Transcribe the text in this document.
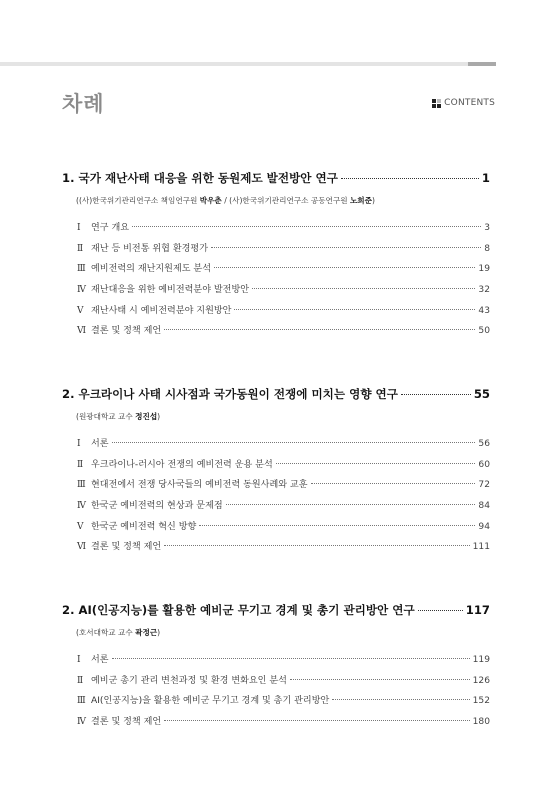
차례	CONTENTS
1. 국가 재난사태 대응을 위한 동원제도 발전방안 연구	1
((사)한국위기관리연구소 책임연구원 박우춘 / (사)한국위기관리연구소 공동연구원 노희준)
Ⅰ	연구 개요	3
Ⅱ 재난 등 비전통 위협 환경평가	8
Ⅲ 예비전력의 재난지원제도 분석	19
Ⅳ 재난대응을 위한 예비전력분야 발전방안	32
Ⅴ 재난사태 시 예비전력분야 지원방안	43
Ⅵ 결론 및 정책 제언	50
2. 우크라이나 사태 시사점과 국가동원이 전쟁에 미치는 영향 연구	55
(원광대학교 교수 정진섭)
Ⅰ	서론	56
Ⅱ 우크라이나-러시아 전쟁의 예비전력 운용 분석	60
Ⅲ 현대전에서 전쟁 당사국들의 예비전력 동원사례와 교훈	72
Ⅳ 한국군 예비전력의 현상과 문제점	84
Ⅴ 한국군 예비전력 혁신 방향	94
Ⅵ 결론 및 정책 제언	111
2. AI(인공지능)를 활용한 예비군 무기고 경계 및 총기 관리방안 연구	117
(호서대학교 교수 곽정근)
Ⅰ	서론	119
Ⅱ 예비군 총기 관리 변천과정 및 환경 변화요인 분석	126
Ⅲ AI(인공지능)을 활용한 예비군 무기고 경계 및 총기 관리방안	152
Ⅳ 결론 및 정책 제언	180
